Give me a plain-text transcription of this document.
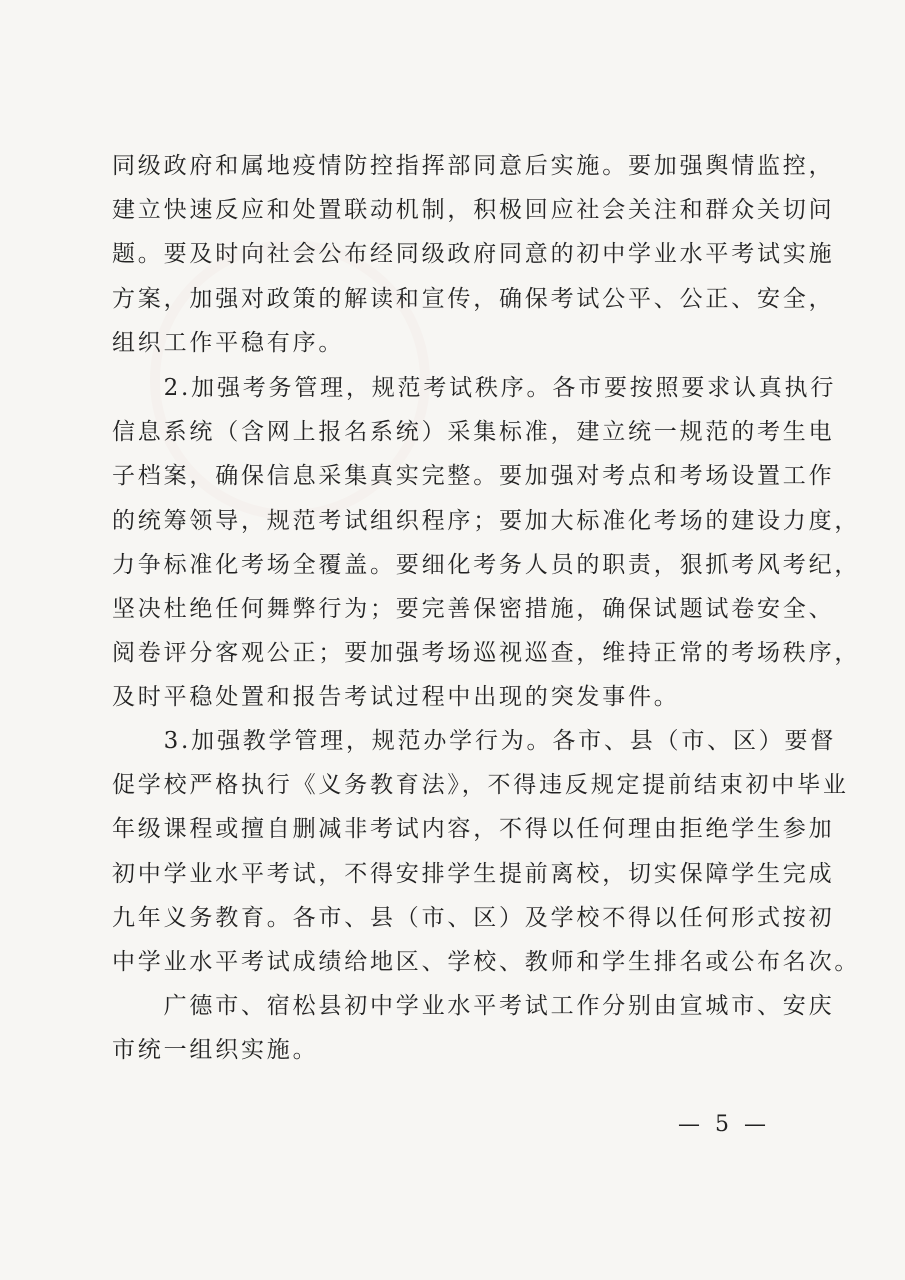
同级政府和属地疫情防控指挥部同意后实施。要加强舆情监控，
建立快速反应和处置联动机制，积极回应社会关注和群众关切问
题。要及时向社会公布经同级政府同意的初中学业水平考试实施
方案，加强对政策的解读和宣传，确保考试公平、公正、安全，
组织工作平稳有序。
　　2.加强考务管理，规范考试秩序。各市要按照要求认真执行
信息系统（含网上报名系统）采集标准，建立统一规范的考生电
子档案，确保信息采集真实完整。要加强对考点和考场设置工作
的统筹领导，规范考试组织程序；要加大标准化考场的建设力度，
力争标准化考场全覆盖。要细化考务人员的职责，狠抓考风考纪，
坚决杜绝任何舞弊行为；要完善保密措施，确保试题试卷安全、
阅卷评分客观公正；要加强考场巡视巡查，维持正常的考场秩序，
及时平稳处置和报告考试过程中出现的突发事件。
　　3.加强教学管理，规范办学行为。各市、县（市、区）要督
促学校严格执行《义务教育法》，不得违反规定提前结束初中毕业
年级课程或擅自删减非考试内容，不得以任何理由拒绝学生参加
初中学业水平考试，不得安排学生提前离校，切实保障学生完成
九年义务教育。各市、县（市、区）及学校不得以任何形式按初
中学业水平考试成绩给地区、学校、教师和学生排名或公布名次。
　　广德市、宿松县初中学业水平考试工作分别由宣城市、安庆
市统一组织实施。
— 5 —
